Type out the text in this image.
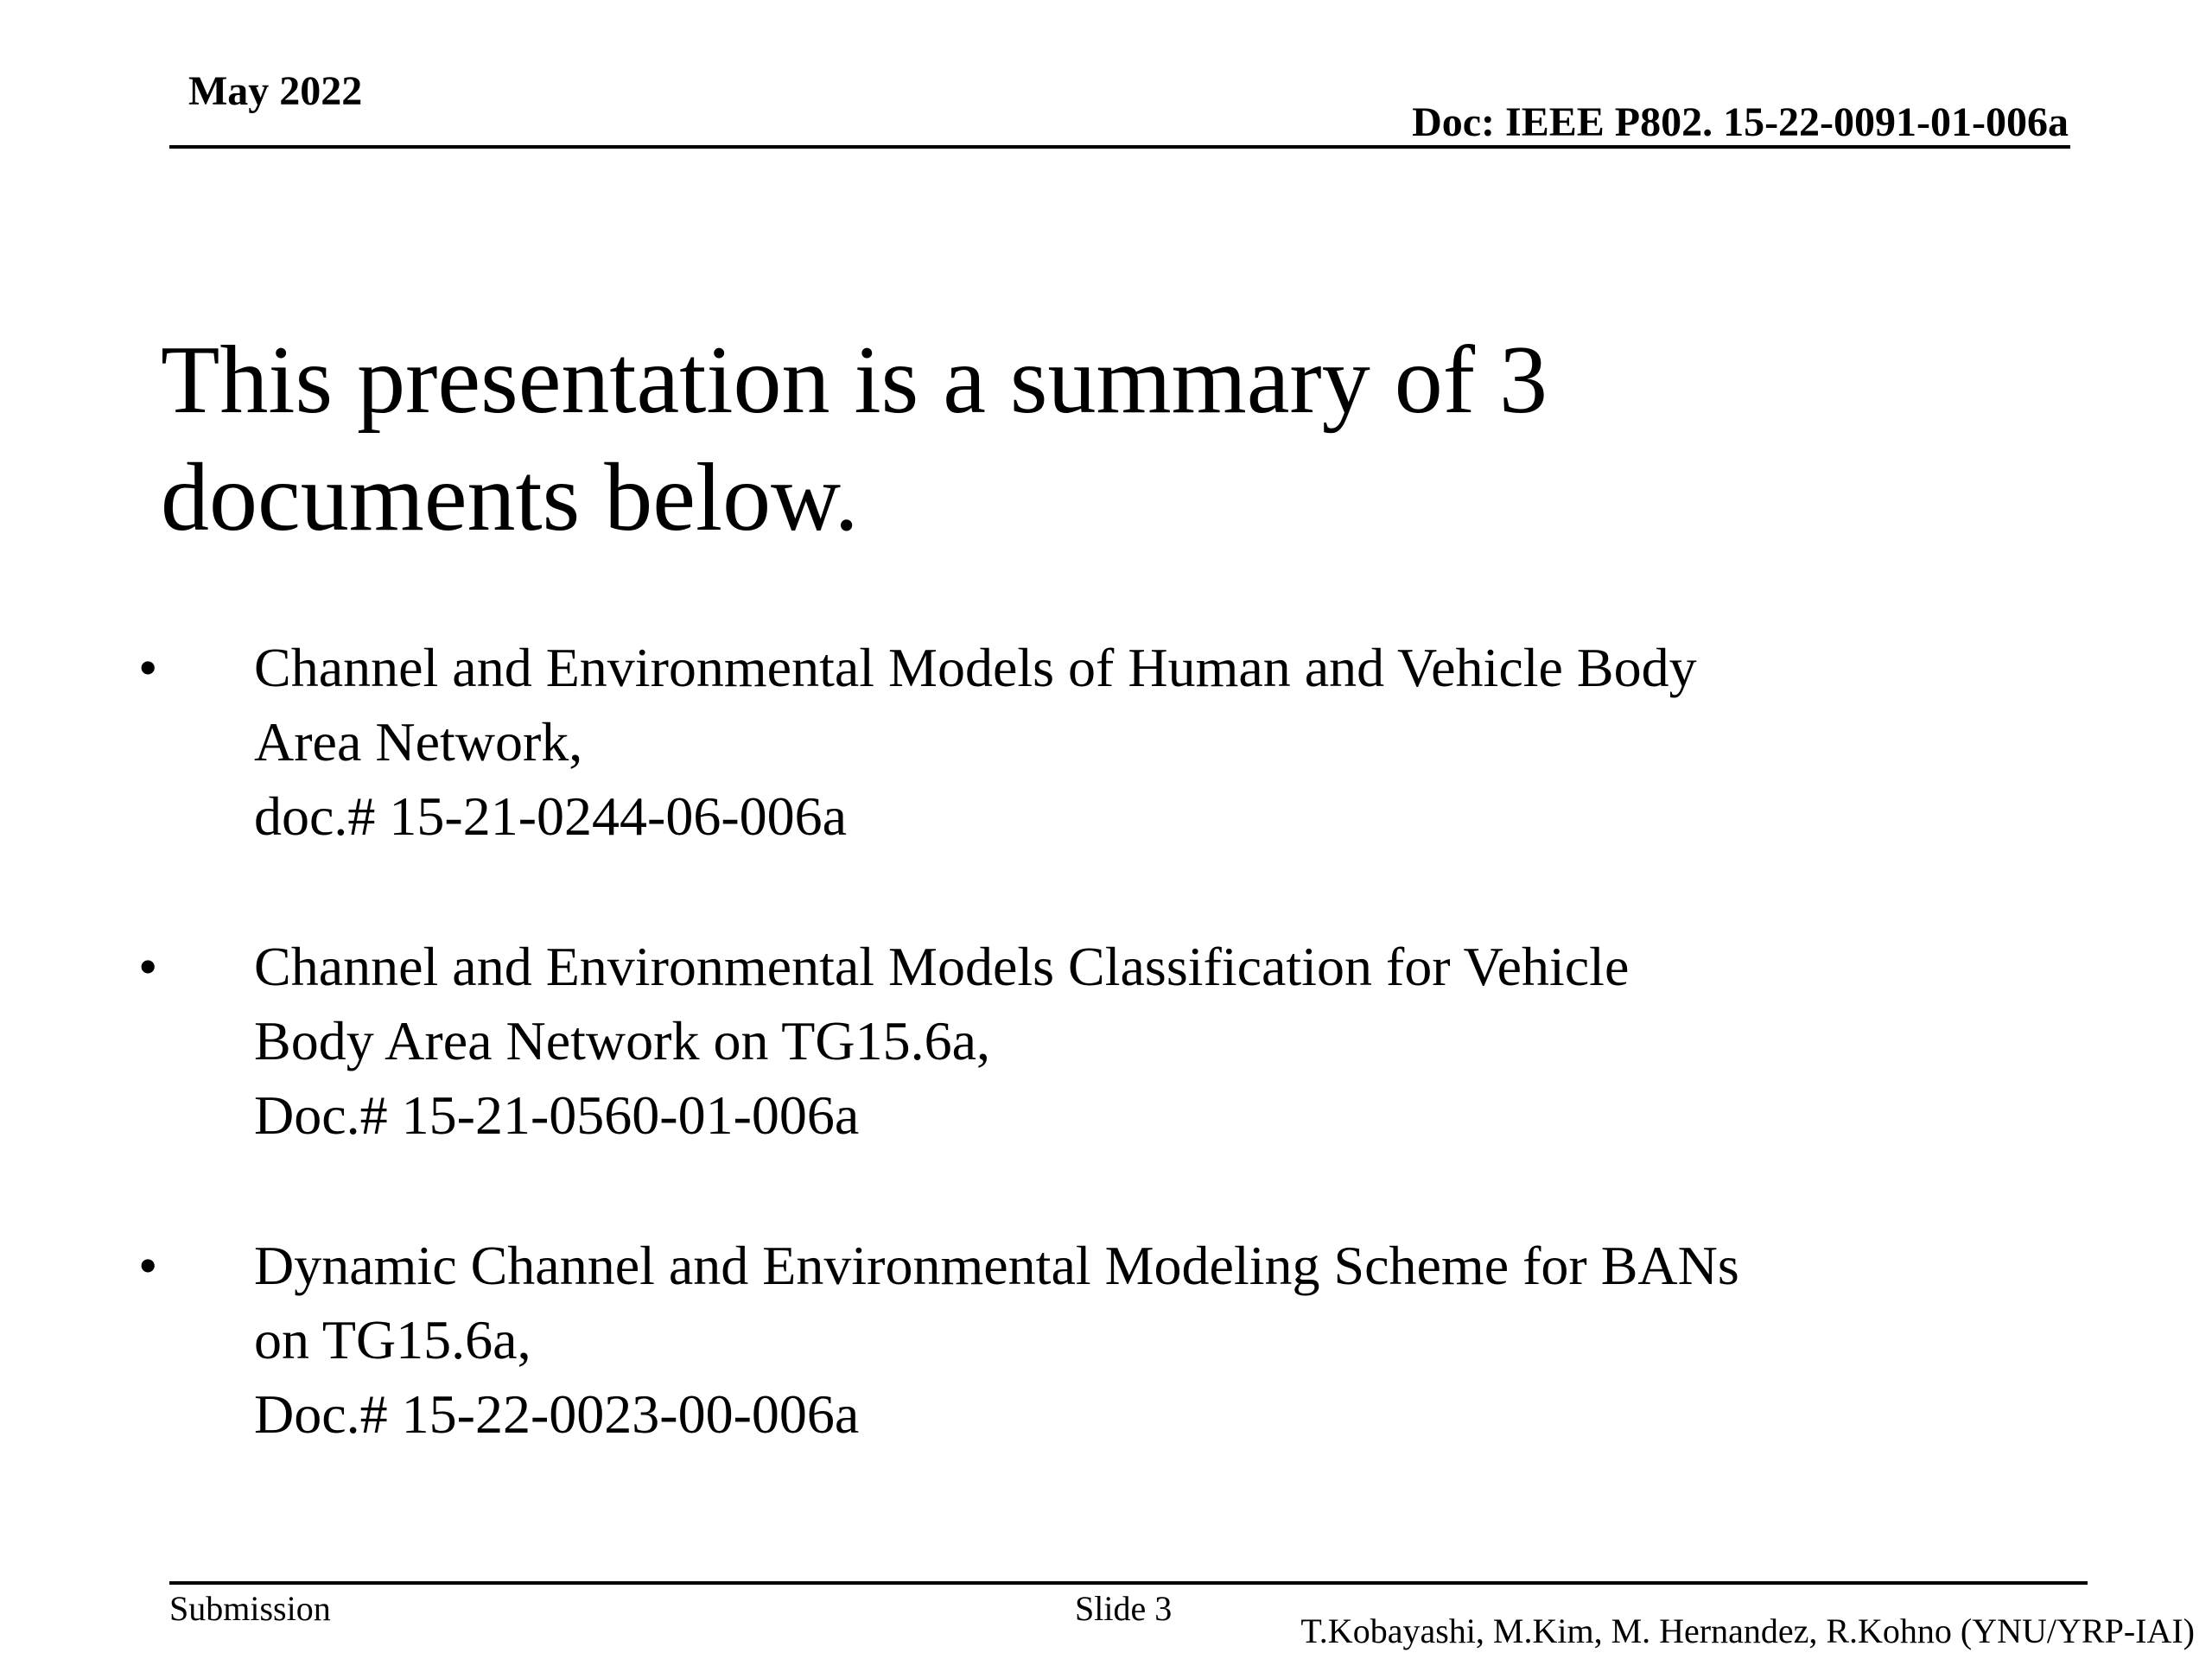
May 2022
Doc: IEEE P802. 15-22-0091-01-006a
This presentation is a summary of 3
documents below.
• Channel and Environmental Models of Human and Vehicle Body
Area Network,
doc.# 15-21-0244-06-006a
• Channel and Environmental Models Classification for Vehicle
Body Area Network on TG15.6a,
Doc.# 15-21-0560-01-006a
• Dynamic Channel and Environmental Modeling Scheme for BANs
on TG15.6a,
Doc.# 15-22-0023-00-006a
Submission	Slide 3
T.Kobayashi, M.Kim, M. Hernandez, R.Kohno (YNU/YRP-IAI)
